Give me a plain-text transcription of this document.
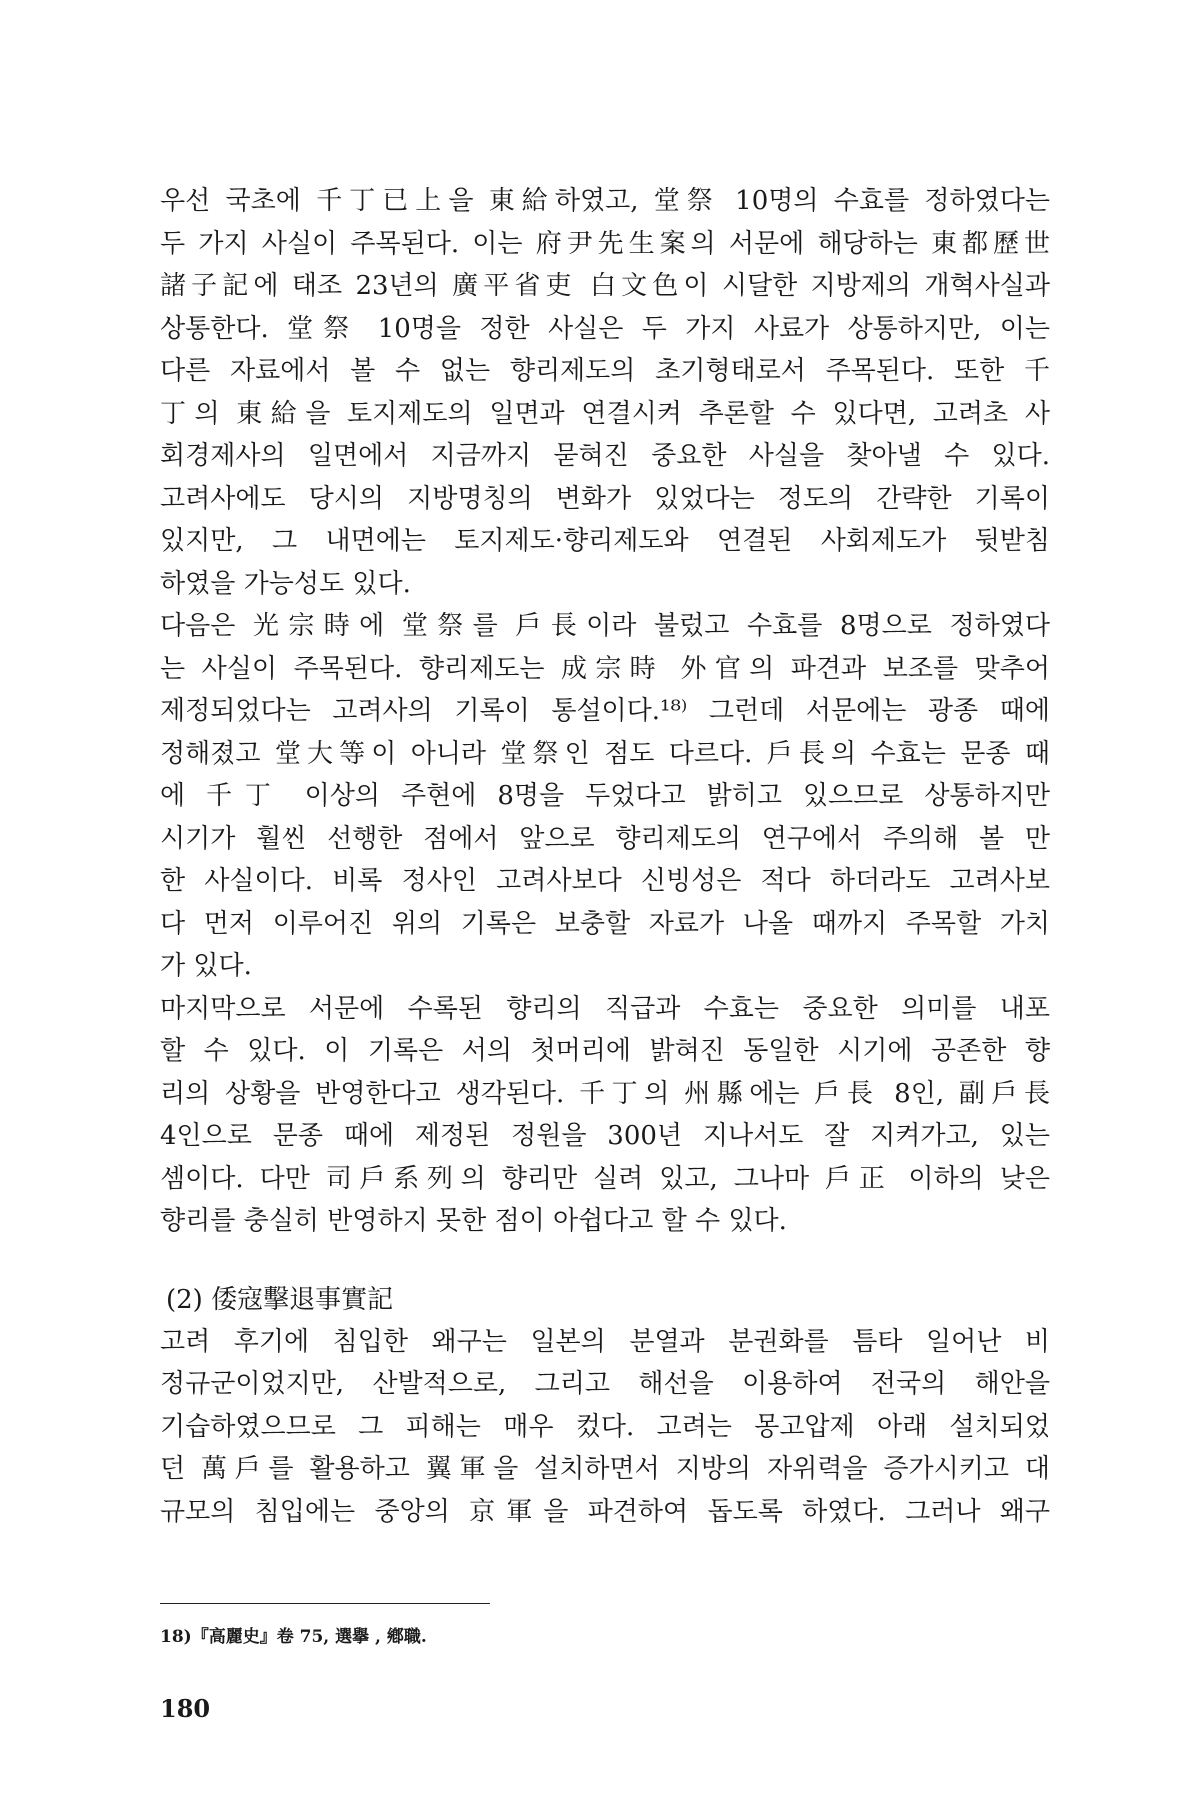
우선 국초에 千丁已上을 東給하였고, 堂祭 10명의 수효를 정하였다는
두 가지 사실이 주목된다. 이는 府尹先生案의 서문에 해당하는 東都歷世
諸子記에 태조 23년의 廣平省吏 白文色이 시달한 지방제의 개혁사실과
상통한다. 堂祭 10명을 정한 사실은 두 가지 사료가 상통하지만, 이는
다른 자료에서 볼 수 없는 향리제도의 초기형태로서 주목된다. 또한 千
丁의 東給을 토지제도의 일면과 연결시켜 추론할 수 있다면, 고려초 사
회경제사의 일면에서 지금까지 묻혀진 중요한 사실을 찾아낼 수 있다.
고려사에도 당시의 지방명칭의 변화가 있었다는 정도의 간략한 기록이
있지만, 그 내면에는 토지제도·향리제도와 연결된 사회제도가 뒷받침
하였을 가능성도 있다.
다음은 光宗時에 堂祭를 戶長이라 불렀고 수효를 8명으로 정하였다
는 사실이 주목된다. 향리제도는 成宗時 外官의 파견과 보조를 맞추어
제정되었다는 고려사의 기록이 통설이다.¹⁸⁾ 그런데 서문에는 광종 때에
정해졌고 堂大等이 아니라 堂祭인 점도 다르다. 戶長의 수효는 문종 때
에 千丁 이상의 주현에 8명을 두었다고 밝히고 있으므로 상통하지만
시기가 훨씬 선행한 점에서 앞으로 향리제도의 연구에서 주의해 볼 만
한 사실이다. 비록 정사인 고려사보다 신빙성은 적다 하더라도 고려사보
다 먼저 이루어진 위의 기록은 보충할 자료가 나올 때까지 주목할 가치
가 있다.
마지막으로 서문에 수록된 향리의 직급과 수효는 중요한 의미를 내포
할 수 있다. 이 기록은 서의 첫머리에 밝혀진 동일한 시기에 공존한 향
리의 상황을 반영한다고 생각된다. 千丁의 州縣에는 戶長 8인, 副戶長
4인으로 문종 때에 제정된 정원을 300년 지나서도 잘 지켜가고, 있는
셈이다. 다만 司戶系列의 향리만 실려 있고, 그나마 戶正 이하의 낮은
향리를 충실히 반영하지 못한 점이 아쉽다고 할 수 있다.
(2) 倭寇擊退事實記
고려 후기에 침입한 왜구는 일본의 분열과 분권화를 틈타 일어난 비
정규군이었지만, 산발적으로, 그리고 해선을 이용하여 전국의 해안을
기습하였으므로 그 피해는 매우 컸다. 고려는 몽고압제 아래 설치되었
던 萬戶를 활용하고 翼軍을 설치하면서 지방의 자위력을 증가시키고 대
규모의 침입에는 중앙의 京軍을 파견하여 돕도록 하였다. 그러나 왜구
18)『高麗史』卷 75, 選擧 , 鄕職.
180
